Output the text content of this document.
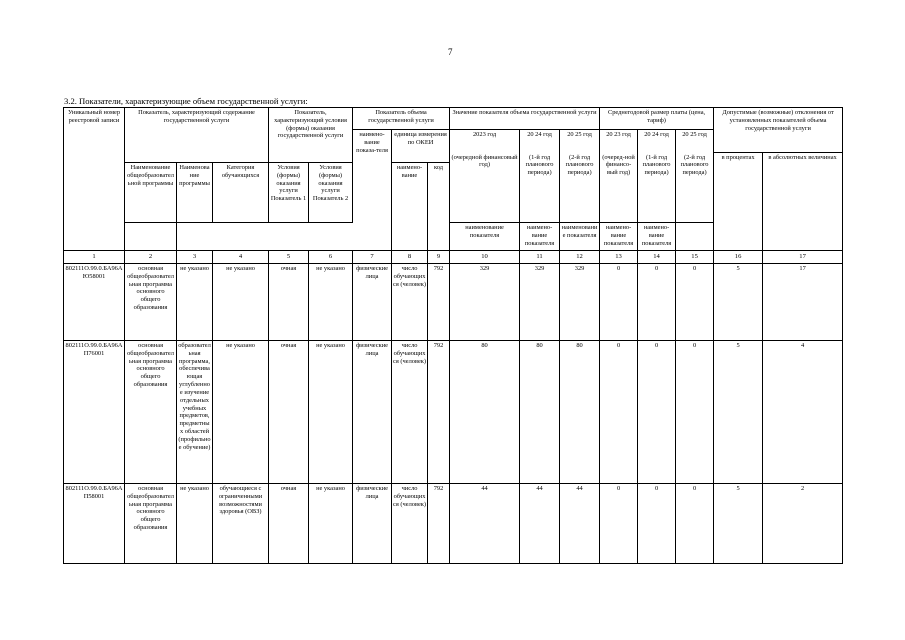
7
3.2. Показатели, характеризующие объем государственной услуги:
Уникальный номер реестровой записи	Показатель, характеризующий содержание государственной услуги			Показатель, характеризующий условия (формы) оказания государственной услуги		Показатель объема государственной услуги			Значение показателя объема государственной услуги			Среднегодовой размер платы (цена, тариф)			Допустимые (возможные) отклонения от установленных показателей объема государственной услуги	
						наимено-вание показа-теля	единица измерения по ОКЕИ		2023 год	20 24 год	20 25 год	20 23 год	20 24 год	20 25 год		
									(очередной финансовый год)	(1-й год планового периода)	(2-й год планового периода)	(очеред-ной финансо-вый год)	(1-й год планового периода)	(2-й год планового периода)	в процентах	в абсолютных величинах
	Наименование общеобразовательной программы	Наименование программы	Категория обучающихся	Условия (формы) оказания услуги Показатель 1	Условия (формы) оказания услуги Показатель 2		наимено-вание	код								
									наименование показателя	наимено-вание показателя	наименование показателя	наимено-вание показателя	наимено-вание показателя			
1	2	3	4	5	6	7	8	9	10	11	12	13	14	15	16	17
802111О.99.0.БА96АЮ58001	основная общеобразовательная программа основного общего образования	не указано	не указано	очная	не указано	физические лица	число обучающихся (человек)	792	329	329	329	0	0	0	5	17
802111О.99.0.БА96АП76001	основная общеобразовательная программа основного общего образования	образовательная программа, обеспечивающая углубленное изучение отдельных учебных предметов, предметных областей (профильное обучение)	не указано	очная	не указано	физические лица	число обучающихся (человек)	792	80	80	80	0	0	0	5	4
802111О.99.0.БА96АП58001	основная общеобразовательная программа основного общего образования	не указано	обучающиеся с ограниченными возможностями здоровья (ОВЗ)	очная	не указано	физические лица	число обучающихся (человек)	792	44	44	44	0	0	0	5	2
